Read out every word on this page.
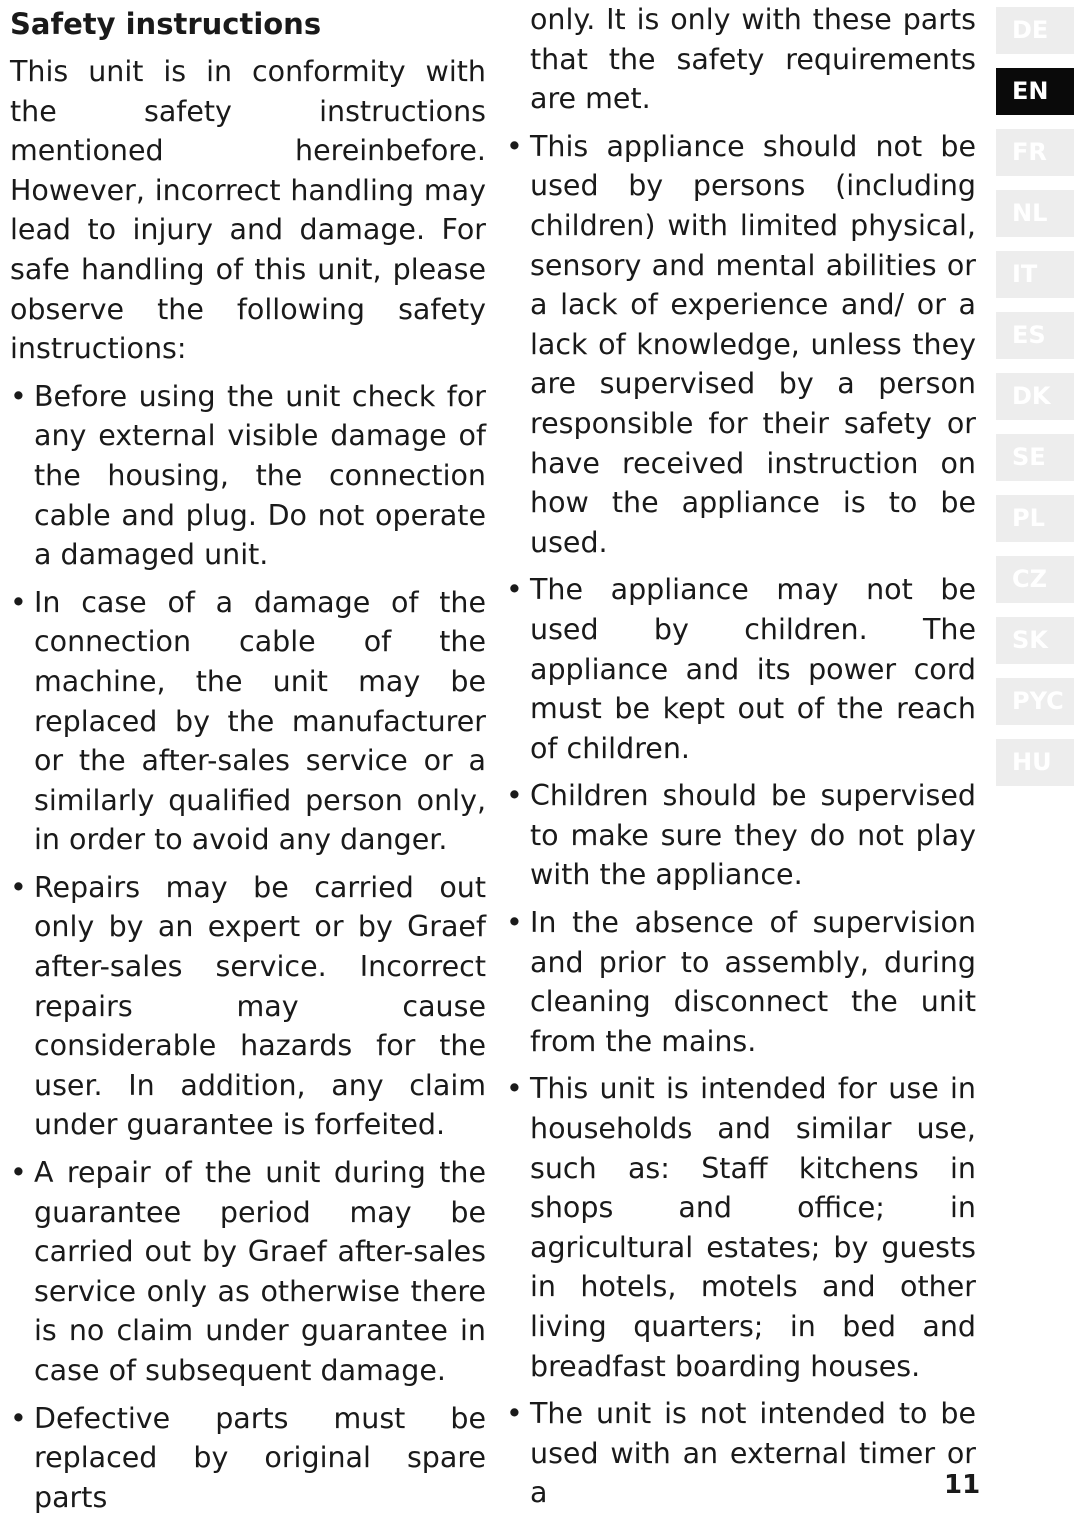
Safety instructions
This unit is in conformity with the safety instructions mentioned hereinbefore. However, incorrect handling may lead to injury and damage. For safe handling of this unit, please observe the following safety instructions:
• Before using the unit check for any external visible damage of the housing, the connection cable and plug. Do not operate a damaged unit.
• In case of a damage of the connection cable of the machine, the unit may be replaced by the manufacturer or the after-sales service or a similarly qualified person only, in order to avoid any danger.
• Repairs may be carried out only by an expert or by Graef after-sales service. Incorrect repairs may cause considerable hazards for the user. In addition, any claim under guarantee is forfeited.
• A repair of the unit during the guarantee period may be carried out by Graef after-sales service only as otherwise there is no claim under guarantee in case of subsequent damage.
• Defective parts must be replaced by original spare parts
only. It is only with these parts that the safety requirements are met.
• This appliance should not be used by persons (including children) with limited physical, sensory and mental abilities or a lack of experience and/ or a lack of knowledge, unless they are supervised by a person responsible for their safety or have received instruction on how the appliance is to be used.
• The appliance may not be used by children. The appliance and its power cord must be kept out of the reach of children.
• Children should be supervised to make sure they do not play with the appliance.
• In the absence of supervision and prior to assembly, during cleaning disconnect the unit from the mains.
• This unit is intended for use in households and similar use, such as: Staff kitchens in shops and office; in agricultural estates; by guests in hotels, motels and other living quarters; in bed and breadfast boarding houses.
• The unit is not intended to be used with an external timer or a
DE
EN
FR
NL
IT
ES
DK
SE
PL
CZ
SK
PYC
HU
11
